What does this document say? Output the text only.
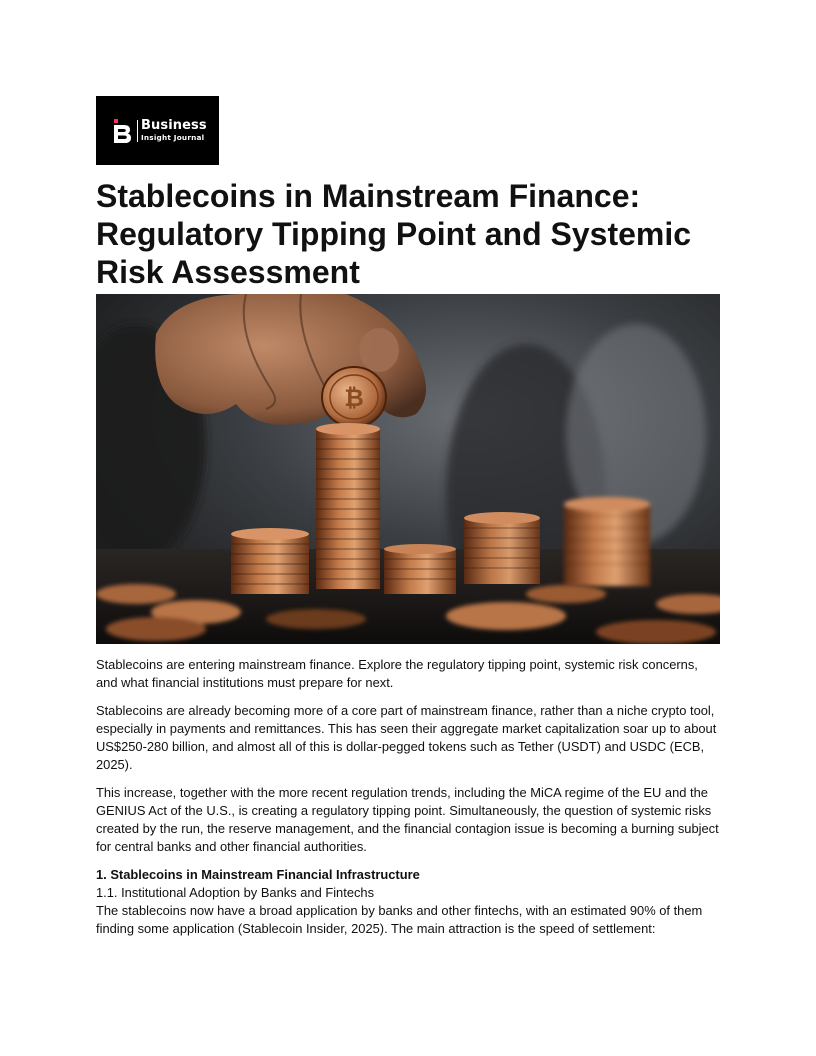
Business
Insight Journal
Stablecoins in Mainstream Finance: Regulatory Tipping Point and Systemic Risk Assessment
₿

Stablecoins are entering mainstream finance. Explore the regulatory tipping point, systemic risk concerns, and what financial institutions must prepare for next.

Stablecoins are already becoming more of a core part of mainstream finance, rather than a niche crypto tool, especially in payments and remittances. This has seen their aggregate market capitalization soar up to about US$250-280 billion, and almost all of this is dollar-pegged tokens such as Tether (USDT) and USDC (ECB, 2025).

This increase, together with the more recent regulation trends, including the MiCA regime of the EU and the GENIUS Act of the U.S., is creating a regulatory tipping point. Simultaneously, the question of systemic risks created by the run, the reserve management, and the financial contagion issue is becoming a burning subject for central banks and other financial authorities.

1. Stablecoins in Mainstream Financial Infrastructure
1.1. Institutional Adoption by Banks and Fintechs

The stablecoins now have a broad application by banks and other fintechs, with an estimated 90% of them finding some application (Stablecoin Insider, 2025). The main attraction is the speed of settlement:
